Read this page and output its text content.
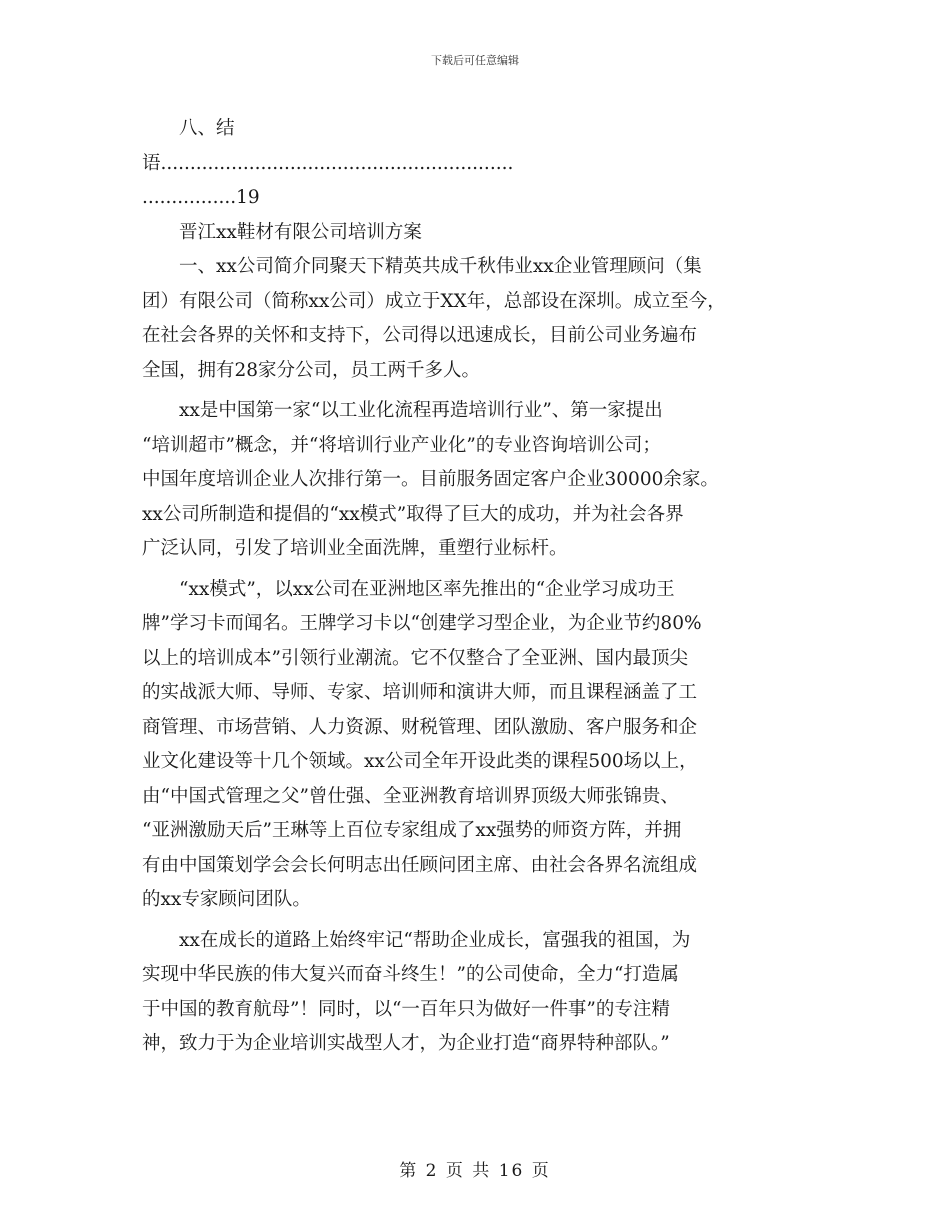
下载后可任意编辑
　　八、结
语............................................................
................19
　　晋江xx鞋材有限公司培训方案
　　一、xx公司简介同聚天下精英共成千秋伟业xx企业管理顾问（集
团）有限公司（简称xx公司）成立于XX年，总部设在深圳。成立至今，
在社会各界的关怀和支持下，公司得以迅速成长，目前公司业务遍布
全国，拥有28家分公司，员工两千多人。
　　xx是中国第一家“以工业化流程再造培训行业”、第一家提出
“培训超市”概念，并“将培训行业产业化”的专业咨询培训公司；
中国年度培训企业人次排行第一。目前服务固定客户企业30000余家。
xx公司所制造和提倡的“xx模式”取得了巨大的成功，并为社会各界
广泛认同，引发了培训业全面洗牌，重塑行业标杆。
　　“xx模式”，以xx公司在亚洲地区率先推出的“企业学习成功王
牌”学习卡而闻名。王牌学习卡以“创建学习型企业，为企业节约80%
以上的培训成本”引领行业潮流。它不仅整合了全亚洲、国内最顶尖
的实战派大师、导师、专家、培训师和演讲大师，而且课程涵盖了工
商管理、市场营销、人力资源、财税管理、团队激励、客户服务和企
业文化建设等十几个领域。xx公司全年开设此类的课程500场以上，
由“中国式管理之父”曾仕强、全亚洲教育培训界顶级大师张锦贵、
“亚洲激励天后”王琳等上百位专家组成了xx强势的师资方阵，并拥
有由中国策划学会会长何明志出任顾问团主席、由社会各界名流组成
的xx专家顾问团队。
　　xx在成长的道路上始终牢记“帮助企业成长，富强我的祖国，为
实现中华民族的伟大复兴而奋斗终生！”的公司使命，全力“打造属
于中国的教育航母”！同时，以“一百年只为做好一件事”的专注精
神，致力于为企业培训实战型人才，为企业打造“商界特种部队。”
第 2 页 共 16 页
